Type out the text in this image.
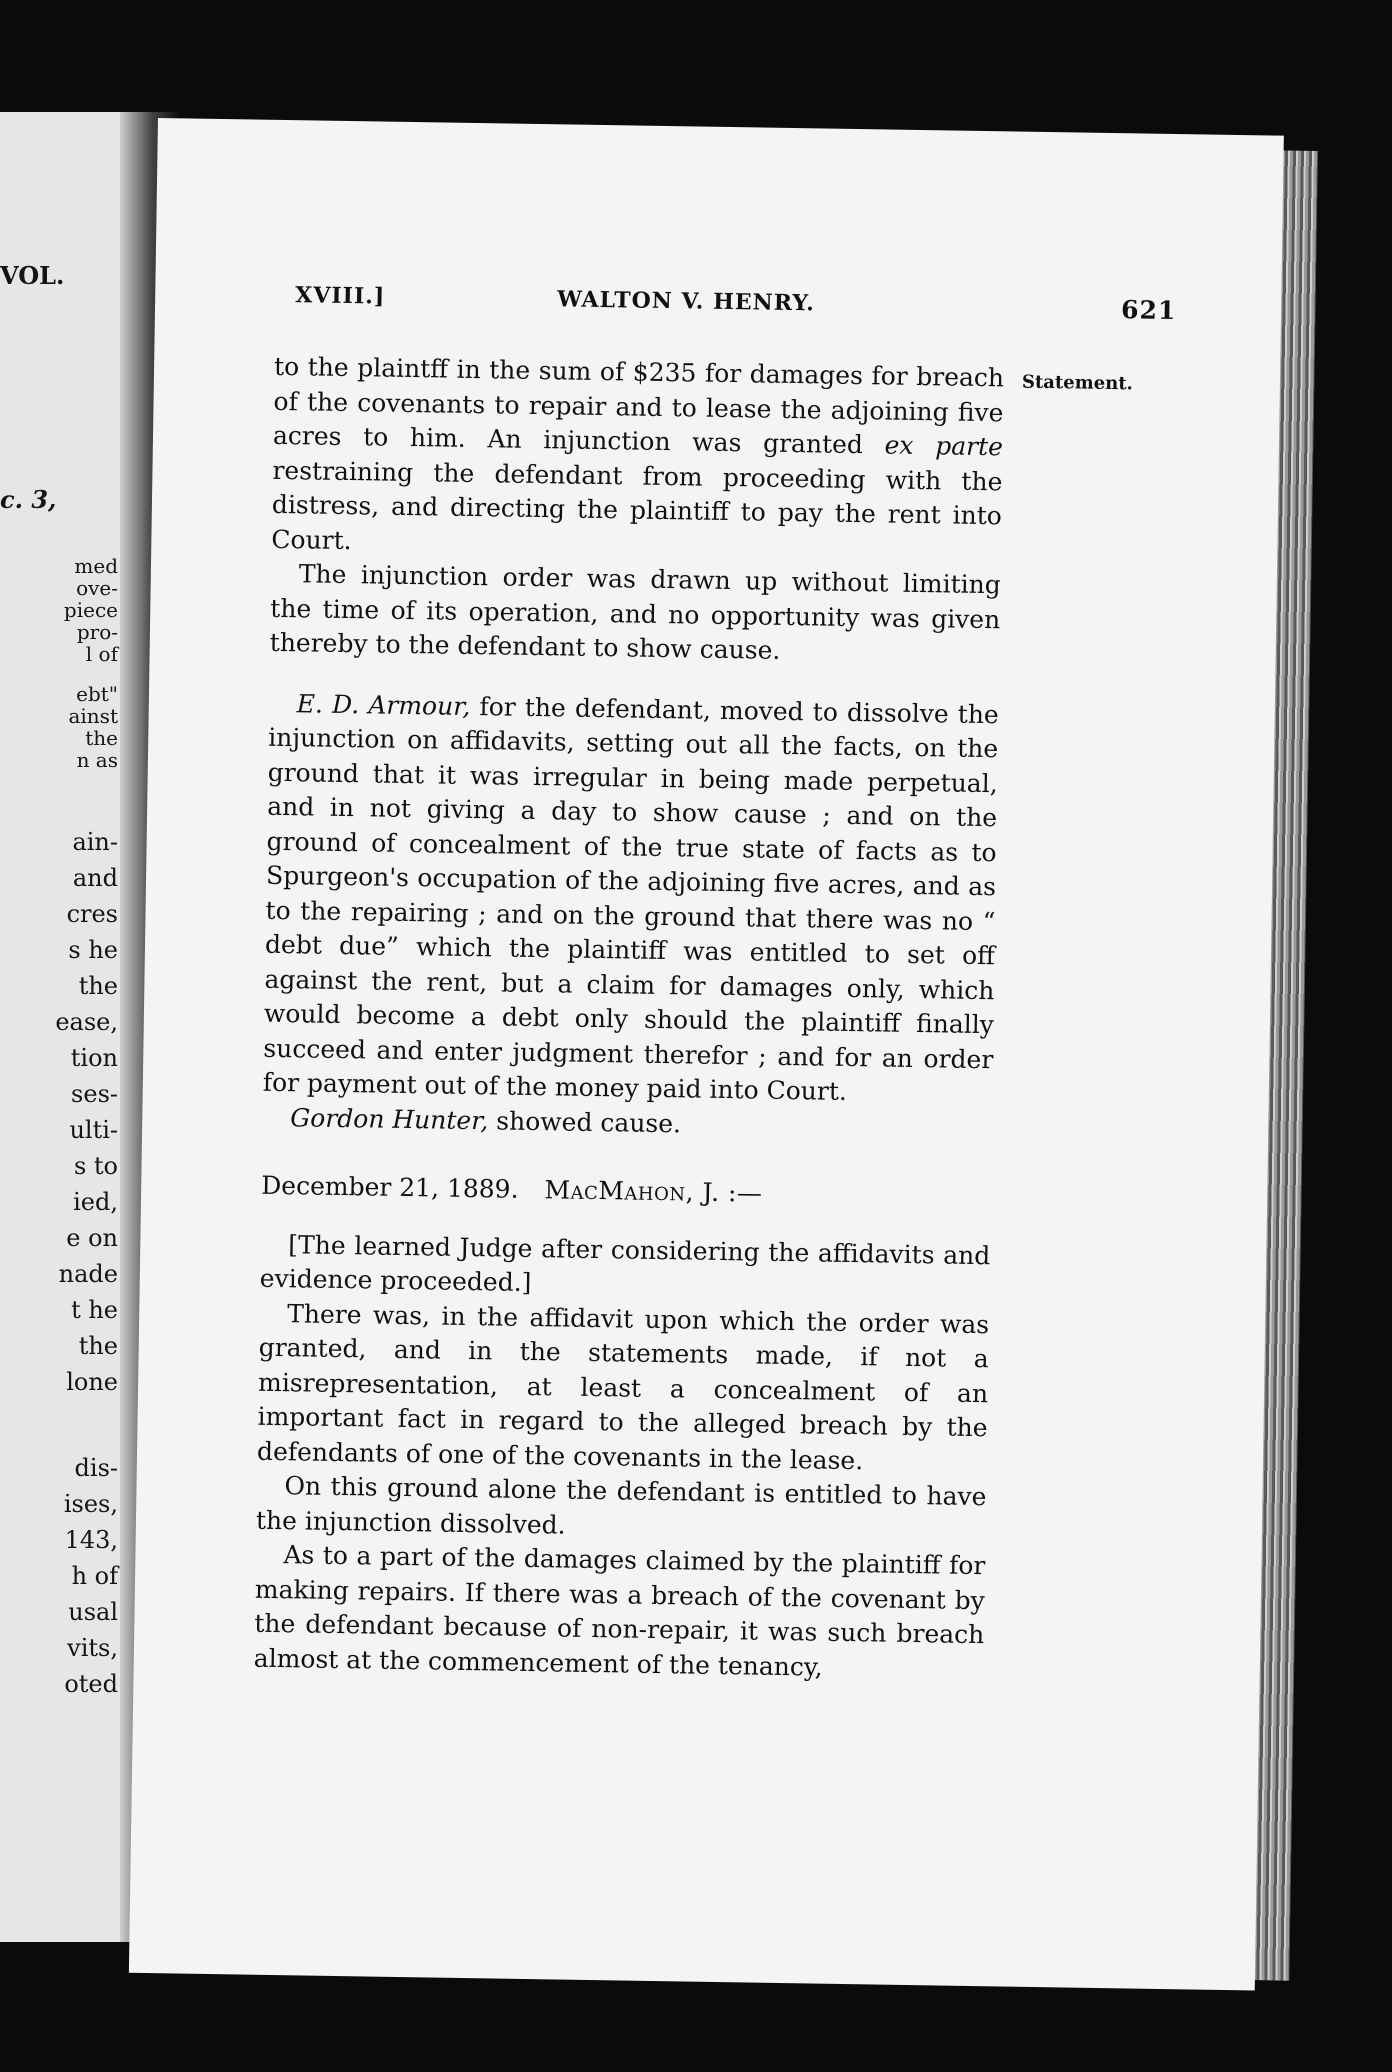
VOL.
c. 3,
med
ove-
piece
pro-
l of
ebt"
ainst
the
n as
ain-
and
cres
s he
the
ease,
tion
ses-
ulti-
s to
ied,
e on
nade
t he
the
lone
dis-
ises,
143,
h of
usal
vits,
oted
XVIII.]	WALTON V. HENRY.	621
Statement.

to the plaintff in the sum of $235 for damages for breach of the covenants to repair and to lease the adjoining five acres to him. An injunction was granted ex parte restraining the defendant from proceeding with the distress, and directing the plaintiff to pay the rent into Court.

The injunction order was drawn up without limiting the time of its operation, and no opportunity was given thereby to the defendant to show cause.

E. D. Armour, for the defendant, moved to dissolve the injunction on affidavits, setting out all the facts, on the ground that it was irregular in being made perpetual, and in not giving a day to show cause ; and on the ground of concealment of the true state of facts as to Spurgeon's occupation of the adjoining five acres, and as to the repairing ; and on the ground that there was no “ debt due” which the plaintiff was entitled to set off against the rent, but a claim for damages only, which would become a debt only should the plaintiff finally succeed and enter judgment therefor ; and for an order for payment out of the money paid into Court.

Gordon Hunter, showed cause.

December 21, 1889. MacMahon, J. :—

[The learned Judge after considering the affidavits and evidence proceeded.]

There was, in the affidavit upon which the order was granted, and in the statements made, if not a misrepresentation, at least a concealment of an important fact in regard to the alleged breach by the defendants of one of the covenants in the lease.

On this ground alone the defendant is entitled to have the injunction dissolved.

As to a part of the damages claimed by the plaintiff for making repairs. If there was a breach of the covenant by the defendant because of non-repair, it was such breach almost at the commencement of the tenancy,
